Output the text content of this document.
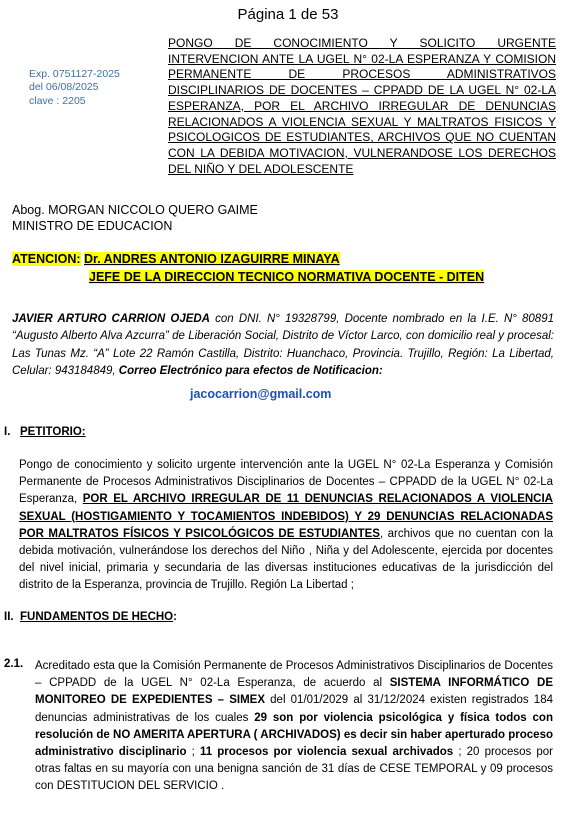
Página 1 de 53
PONGO DE CONOCIMIENTO Y SOLICITO URGENTE
INTERVENCION ANTE LA UGEL N° 02-LA ESPERANZA Y COMISION
PERMANENTE DE PROCESOS ADMINISTRATIVOS
DISCIPLINARIOS DE DOCENTES – CPPADD DE LA UGEL N° 02-LA
ESPERANZA, POR EL ARCHIVO IRREGULAR DE DENUNCIAS
RELACIONADOS A VIOLENCIA SEXUAL Y MALTRATOS FISICOS Y
PSICOLOGICOS DE ESTUDIANTES, ARCHIVOS QUE NO CUENTAN
CON LA DEBIDA MOTIVACION, VULNERANDOSE LOS DERECHOS
DEL NIÑO Y DEL ADOLESCENTE
Exp. 0751127-2025
del 06/08/2025
clave : 2205
Abog. MORGAN NICCOLO QUERO GAIME
MINISTRO DE EDUCACION
ATENCION: Dr. ANDRES ANTONIO IZAGUIRRE MINAYA
JEFE DE LA DIRECCION TECNICO NORMATIVA DOCENTE - DITEN
JAVIER ARTURO CARRION OJEDA con DNI. N° 19328799, Docente nombrado en la I.E. N° 80891 “Augusto Alberto Alva Azcurra” de Liberación Social, Distrito de Víctor Larco, con domicilio real y procesal: Las Tunas Mz. “A” Lote 22 Ramón Castilla, Distrito: Huanchaco, Provincia. Trujillo, Región: La Libertad, Celular: 943184849, Correo Electrónico para efectos de Notificacion:
jacocarrion@gmail.com
I. PETITORIO:
Pongo de conocimiento y solicito urgente intervención ante la UGEL N° 02-La Esperanza y Comisión Permanente de Procesos Administrativos Disciplinarios de Docentes – CPPADD de la UGEL N° 02-La Esperanza, POR EL ARCHIVO IRREGULAR DE 11 DENUNCIAS RELACIONADOS A VIOLENCIA SEXUAL (HOSTIGAMIENTO Y TOCAMIENTOS INDEBIDOS) Y 29 DENUNCIAS RELACIONADAS POR MALTRATOS FÍSICOS Y PSICOLÓGICOS DE ESTUDIANTES, archivos que no cuentan con la debida motivación, vulnerándose los derechos del Niño , Niña y del Adolescente, ejercida por docentes del nivel inicial, primaria y secundaria de las diversas instituciones educativas de la jurisdicción del distrito de la Esperanza, provincia de Trujillo. Región La Libertad ;
II. FUNDAMENTOS DE HECHO:
2.1. Acreditado esta que la Comisión Permanente de Procesos Administrativos Disciplinarios de Docentes – CPPADD de la UGEL N° 02-La Esperanza, de acuerdo al SISTEMA INFORMÁTICO DE MONITOREO DE EXPEDIENTES – SIMEX del 01/01/2029 al 31/12/2024 existen registrados 184 denuncias administrativas de los cuales 29 son por violencia psicológica y física todos con resolución de NO AMERITA APERTURA ( ARCHIVADOS) es decir sin haber aperturado proceso administrativo disciplinario ; 11 procesos por violencia sexual archivados ; 20 procesos por otras faltas en su mayoría con una benigna sanción de 31 días de CESE TEMPORAL y 09 procesos con DESTITUCION DEL SERVICIO .
